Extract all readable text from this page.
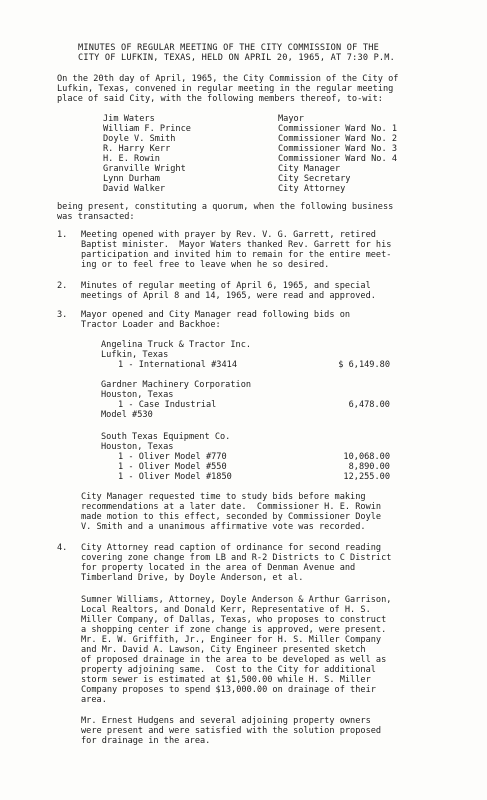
MINUTES OF REGULAR MEETING OF THE CITY COMMISSION OF THE
CITY OF LUFKIN, TEXAS, HELD ON APRIL 20, 1965, AT 7:30 P.M.
On the 20th day of April, 1965, the City Commission of the City of
Lufkin, Texas, convened in regular meeting in the regular meeting
place of said City, with the following members thereof, to-wit:
Jim Waters	Mayor
William F. Prince	Commissioner Ward No. 1
Doyle V. Smith	Commissioner Ward No. 2
R. Harry Kerr	Commissioner Ward No. 3
H. E. Rowin	Commissioner Ward No. 4
Granville Wright	City Manager
Lynn Durham	City Secretary
David Walker	City Attorney
being present, constituting a quorum, when the following business
was transacted:
1. Meeting opened with prayer by Rev. V. G. Garrett, retired
Baptist minister.  Mayor Waters thanked Rev. Garrett for his
participation and invited him to remain for the entire meet-
ing or to feel free to leave when he so desired.
2. Minutes of regular meeting of April 6, 1965, and special
meetings of April 8 and 14, 1965, were read and approved.
3. Mayor opened and City Manager read following bids on
Tractor Loader and Backhoe:
Angelina Truck & Tractor Inc.
Lufkin, Texas
1 - International #3414	$ 6,149.80
Gardner Machinery Corporation
Houston, Texas
1 - Case Industrial	6,478.00
Model #530
South Texas Equipment Co.
Houston, Texas
1 - Oliver Model #770	10,068.00
1 - Oliver Model #550	8,890.00
1 - Oliver Model #1850	12,255.00
City Manager requested time to study bids before making
recommendations at a later date.  Commissioner H. E. Rowin
made motion to this effect, seconded by Commissioner Doyle
V. Smith and a unanimous affirmative vote was recorded.
4. City Attorney read caption of ordinance for second reading
covering zone change from LB and R-2 Districts to C District
for property located in the area of Denman Avenue and
Timberland Drive, by Doyle Anderson, et al.
Sumner Williams, Attorney, Doyle Anderson & Arthur Garrison,
Local Realtors, and Donald Kerr, Representative of H. S.
Miller Company, of Dallas, Texas, who proposes to construct
a shopping center if zone change is approved, were present.
Mr. E. W. Griffith, Jr., Engineer for H. S. Miller Company
and Mr. David A. Lawson, City Engineer presented sketch
of proposed drainage in the area to be developed as well as
property adjoining same.  Cost to the City for additional
storm sewer is estimated at $1,500.00 while H. S. Miller
Company proposes to spend $13,000.00 on drainage of their
area.
Mr. Ernest Hudgens and several adjoining property owners
were present and were satisfied with the solution proposed
for drainage in the area.
